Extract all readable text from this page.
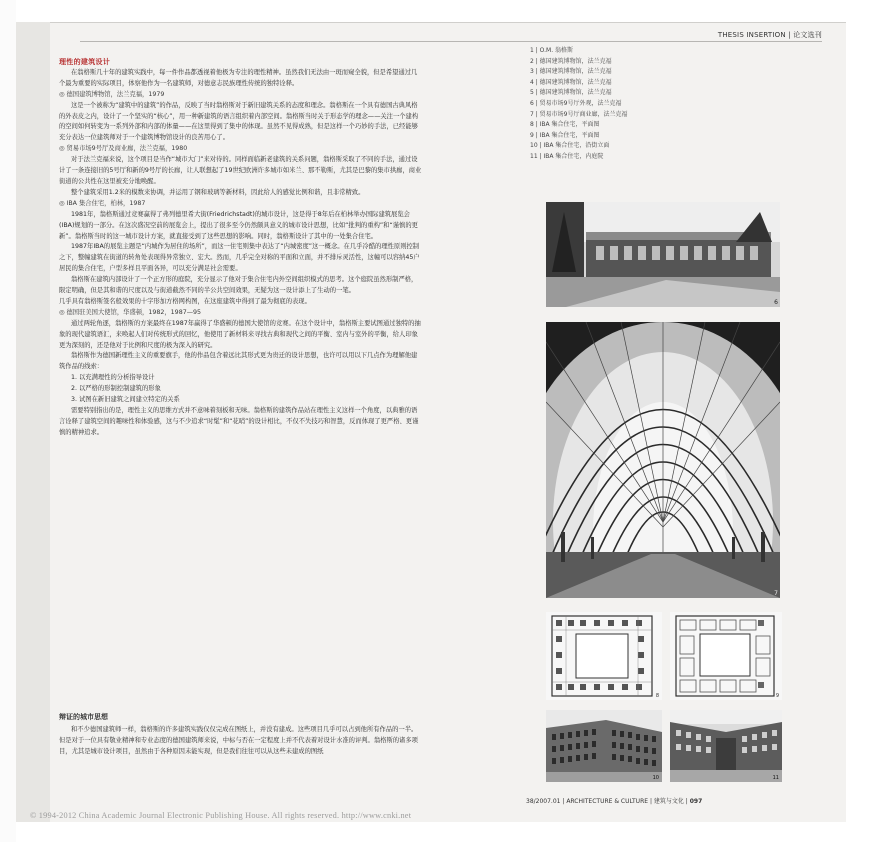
THESIS INSERTION | 论文选刊

理性的建筑设计

在翁格斯几十年的建筑实践中，每一件作品都透视着他极为专注的理性精神。虽然我们无法由一斑而窥全貌，但是希望通过几个最为重要的实际项目，体察他作为一名建筑师，对德意志民族理性传统的独特诠释。

◎ 德国建筑博物馆，法兰克福，1979

这是一个被称为“建筑中的建筑”的作品，反映了当时翁格斯对于新旧建筑关系的态度和理念。翁格斯在一个具有德国古典风格的外表皮之内，设计了一个坚实的“核心”，用一种新建筑的语言组织着内部空间。翁格斯当时关于形态学的理念——关注一个建构的空间如何转变为一系列外部和内部的体量——在这里得到了集中的体现。虽然不见得成熟，但是这样一个巧妙的手法，已经能够充分表达一位建筑师对于一个建筑博物馆设计的良苦用心了。

◎ 贸易市场9号厅及商业廊，法兰克福，1980

对于法兰克福来说，这个项目是当作“城市大门”来对待的。同样面临新老建筑的关系问题，翁格斯采取了不同的手法，通过设计了一条连接旧的5号厅和新的9号厅的长廊，让人联想起了19世纪欧洲许多城市如米兰、那不勒斯，尤其是巴黎的集市拱廊，商业街道的公共性在这里被充分地唤醒。

整个建筑采用1.2米的模数来协调，并运用了钢和玻璃等新材料，因此给人的感觉比例和谐，且非常精致。

◎ IBA 集合住宅，柏林，1987

1981年，翁格斯通过竞赛赢得了弗列德里希大街(Friedrichstadt)的城市设计，这是得于8年后在柏林举办国际建筑展览会(IBA)规划的一部分。在这次盛况空前的展览会上，提出了很多至今仍然颇具意义的城市设计思想，比如“批判的重构”和“谨慎的更新”。翁格斯当时的这一城市设计方案，就直接受到了这些思想的影响。同时，翁格斯设计了其中的一处集合住宅。

1987年IBA的展览主题是“内城作为居住的场所”，而这一住宅则集中表达了“内城密度”这一概念。在几乎冷酷的理性原则控制之下，整幢建筑在街道的转角处表现得异常独立、宏大。然而，几乎完全对称的平面和立面，并不排斥灵活性，这幢可以容纳45户居民的集合住宅，户型多样且平面各异，可以充分满足社会需要。

翁格斯在建筑内部设计了一个正方形的庭院，充分显示了他对于集合住宅内外空间组织模式的思考。这个庭院虽然形制严格，限定明确，但是其和谐的尺度以及与街道截然不同的半公共空间效果，无疑为这一设计添上了生动的一笔。

几乎具有翁格斯签名般效果的十字形加方格网构图，在这座建筑中得到了最为彻底的表现。

◎ 德国驻美国大使馆，华盛顿，1982，1987—95

通过两轮角逐，翁格斯的方案最终在1987年赢得了华盛顿的德国大使馆的竞赛。在这个设计中，翁格斯主要试图通过独特的抽象的现代建筑语汇，来唤起人们对传统形式的回忆，他使用了新材料来寻找古典和现代之间的平衡、室内与室外的平衡，给人印象更为深刻的，还是他对于比例和尺度的极为深入的研究。

翁格斯作为德国新理性主义的重要旗手，他的作品包含着远比其形式更为贵迁的设计思想，也许可以用以下几点作为理解他建筑作品的线索：

1. 以充满理性的分析指导设计

2. 以严格的形制控制建筑的形象

3. 试图在新旧建筑之间建立特定的关系

需要特别指出的是，理性主义的思维方式并不意味着刻板和无味。翁格斯的建筑作品站在理性主义这样一个角度，以典雅的语言诠释了建筑空间的趣味性和体验感，这与不少追求“时髦”和“花哨”的设计相比，不仅不失技巧和智慧，反而体现了更严格、更谨慎的精神追求。

辩证的城市思想

和不少德国建筑师一样，翁格斯的许多建筑实践仅仅完成在图纸上，并没有建成。这些项目几乎可以占到他所有作品的一半。但是对于一位具有敬业精神和专业态度的德国建筑师来说，中标与否在一定程度上并不代表着对设计水准的评判。翁格斯的诸多项目，尤其是城市设计项目，虽然由于各种原因未能实现，但是我们往往可以从这些未建成的图纸

1 | O.M. 翁格斯
2 | 德国建筑博物馆，法兰克福
3 | 德国建筑博物馆，法兰克福
4 | 德国建筑博物馆，法兰克福
5 | 德国建筑博物馆，法兰克福
6 | 贸易市场9号厅外观，法兰克福
7 | 贸易市场9号厅商业廊，法兰克福
8 | IBA 集合住宅，平面图
9 | IBA 集合住宅，平面图
10 | IBA 集合住宅，沿街立面
11 | IBA 集合住宅，内庭院
6
7
8	9
10	11
38/2007.01 | ARCHITECTURE & CULTURE | 建筑与文化 | 097
© 1994-2012 China Academic Journal Electronic Publishing House. All rights reserved. http://www.cnki.net
